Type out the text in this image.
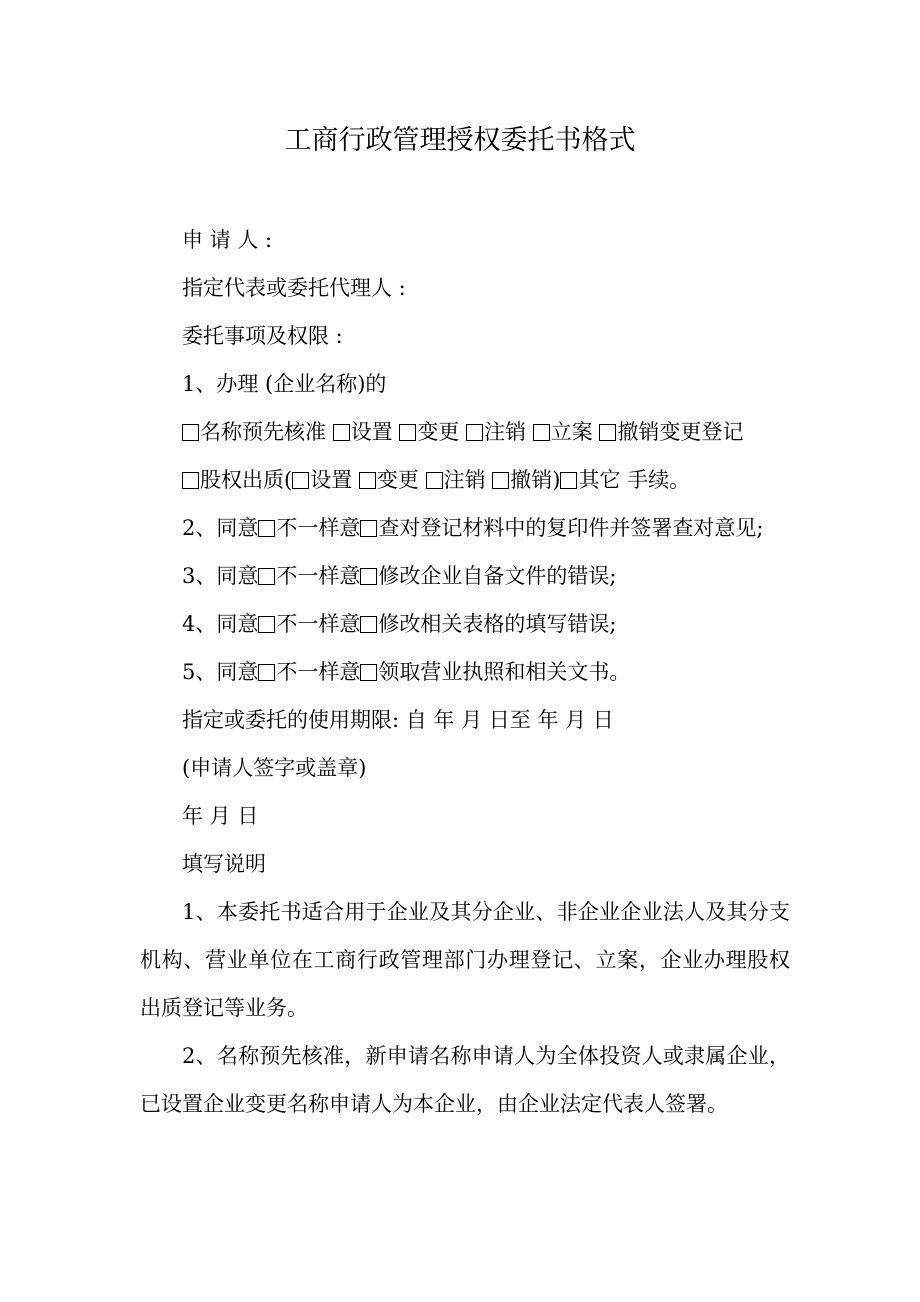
工商行政管理授权委托书格式

申 请 人 :

指定代表或委托代理人 :

委托事项及权限 :

1、办理 (企业名称)的

名称预先核准 设置 变更 注销 立案 撤销变更登记

股权出质( 设置 变更 注销 撤销) 其它 手续。

2、同意 不一样意 查对登记材料中的复印件并签署查对意见;

3、同意 不一样意 修改企业自备文件的错误;

4、同意 不一样意 修改相关表格的填写错误;

5、同意 不一样意 领取营业执照和相关文书。

指定或委托的使用期限: 自 年 月 日至 年 月 日

(申请人签字或盖章)

年 月 日

填写说明

1、本委托书适合用于企业及其分企业、非企业企业法人及其分支机构、营业单位在工商行政管理部门办理登记、立案，企业办理股权出质登记等业务。

2、名称预先核准，新申请名称申请人为全体投资人或隶属企业，已设置企业变更名称申请人为本企业，由企业法定代表人签署。
